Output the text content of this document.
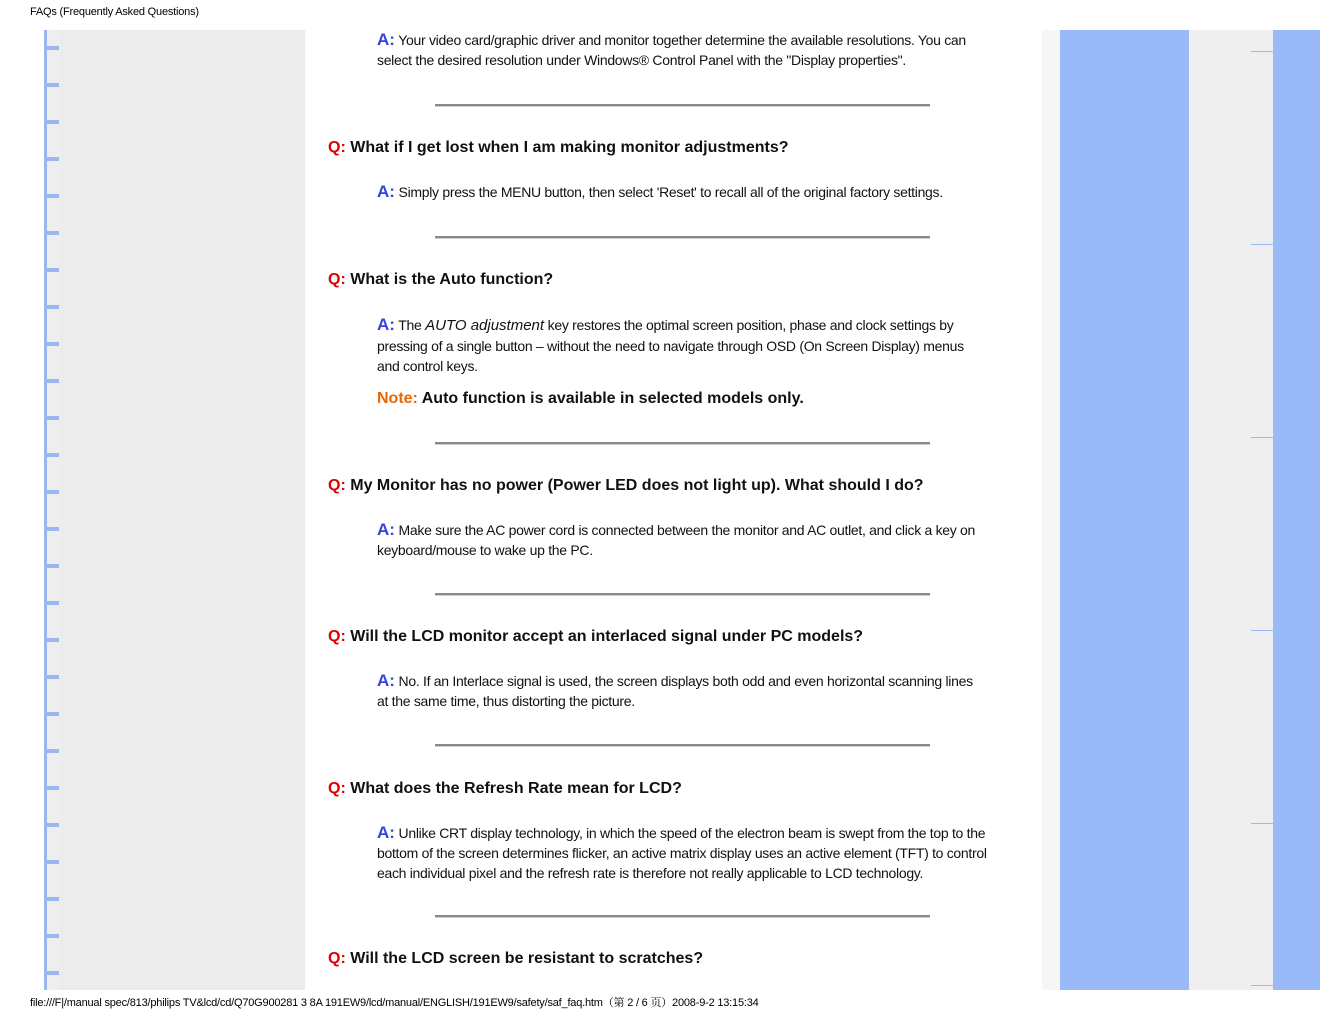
FAQs (Frequently Asked Questions)
A: Your video card/graphic driver and monitor together determine the available resolutions. You can select the desired resolution under Windows® Control Panel with the "Display properties".
Q: What if I get lost when I am making monitor adjustments?
A: Simply press the MENU button, then select 'Reset' to recall all of the original factory settings.
Q: What is the Auto function?
A: The AUTO adjustment key restores the optimal screen position, phase and clock settings by pressing of a single button – without the need to navigate through OSD (On Screen Display) menus and control keys.
Note: Auto function is available in selected models only.
Q: My Monitor has no power (Power LED does not light up). What should I do?
A: Make sure the AC power cord is connected between the monitor and AC outlet, and click a key on keyboard/mouse to wake up the PC.
Q: Will the LCD monitor accept an interlaced signal under PC models?
A: No. If an Interlace signal is used, the screen displays both odd and even horizontal scanning lines at the same time, thus distorting the picture.
Q: What does the Refresh Rate mean for LCD?
A: Unlike CRT display technology, in which the speed of the electron beam is swept from the top to the bottom of the screen determines flicker, an active matrix display uses an active element (TFT) to control each individual pixel and the refresh rate is therefore not really applicable to LCD technology.
Q: Will the LCD screen be resistant to scratches?
file:///F|/manual spec/813/philips TV&lcd/cd/Q70G900281 3 8A 191EW9/lcd/manual/ENGLISH/191EW9/safety/saf_faq.htm（第 2 / 6 页）2008-9-2 13:15:34
